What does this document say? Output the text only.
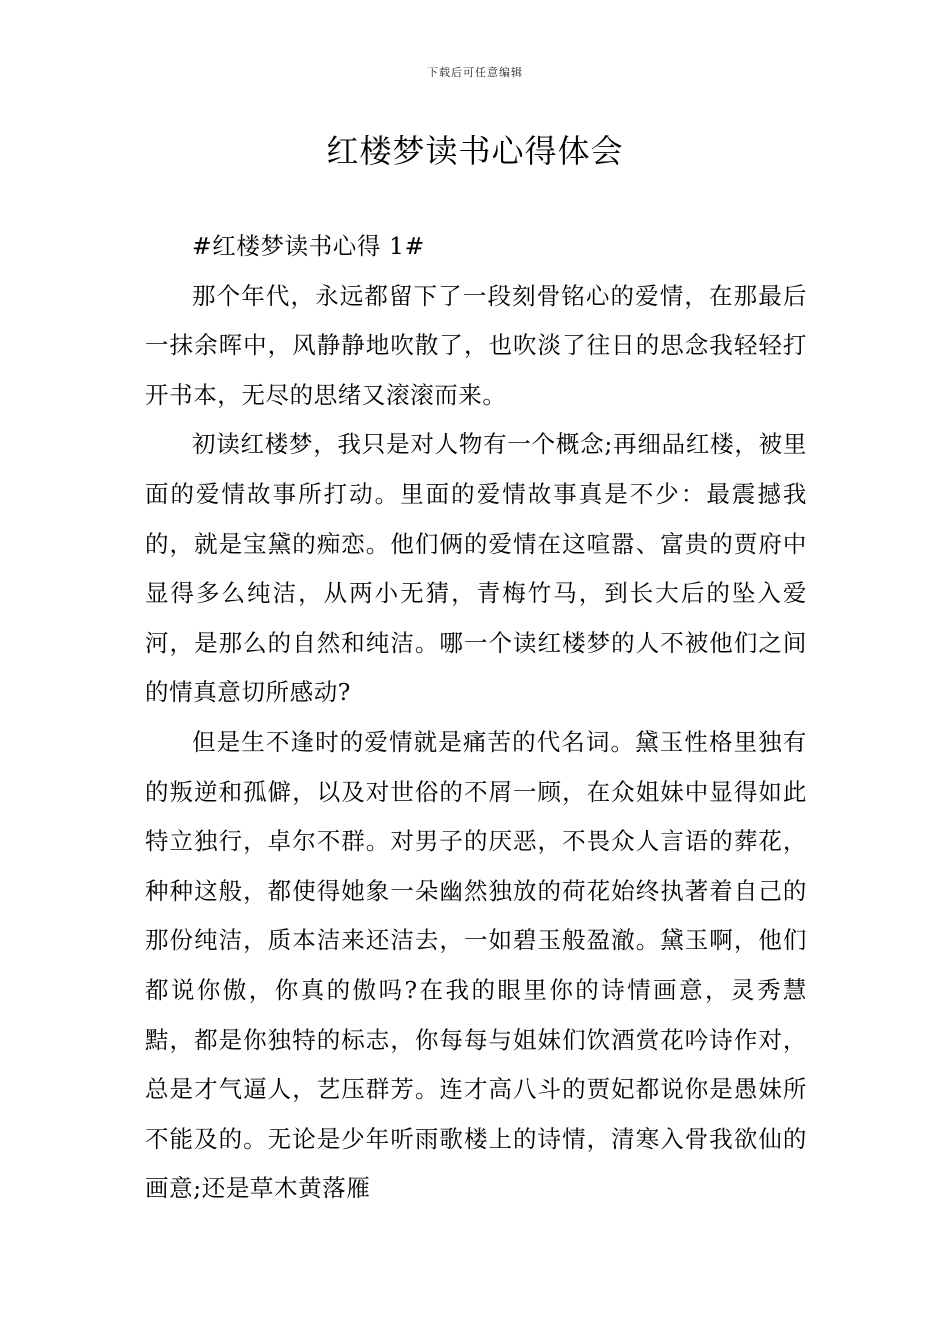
下载后可任意编辑
红楼梦读书心得体会

#红楼梦读书心得 1#

那个年代，永远都留下了一段刻骨铭心的爱情，在那最后一抹余晖中，风静静地吹散了，也吹淡了往日的思念我轻轻打开书本，无尽的思绪又滚滚而来。

初读红楼梦，我只是对人物有一个概念;再细品红楼，被里面的爱情故事所打动。里面的爱情故事真是不少：最震撼我的，就是宝黛的痴恋。他们俩的爱情在这喧嚣、富贵的贾府中显得多么纯洁，从两小无猜，青梅竹马，到长大后的坠入爱河，是那么的自然和纯洁。哪一个读红楼梦的人不被他们之间的情真意切所感动?

但是生不逢时的爱情就是痛苦的代名词。黛玉性格里独有的叛逆和孤僻，以及对世俗的不屑一顾，在众姐妹中显得如此特立独行，卓尔不群。对男子的厌恶，不畏众人言语的葬花，种种这般，都使得她象一朵幽然独放的荷花始终执著着自己的那份纯洁，质本洁来还洁去，一如碧玉般盈澈。黛玉啊，他们都说你傲，你真的傲吗?在我的眼里你的诗情画意，灵秀慧黠，都是你独特的标志，你每每与姐妹们饮酒赏花吟诗作对，总是才气逼人，艺压群芳。连才高八斗的贾妃都说你是愚妹所不能及的。无论是少年听雨歌楼上的诗情，清寒入骨我欲仙的画意;还是草木黄落雁
